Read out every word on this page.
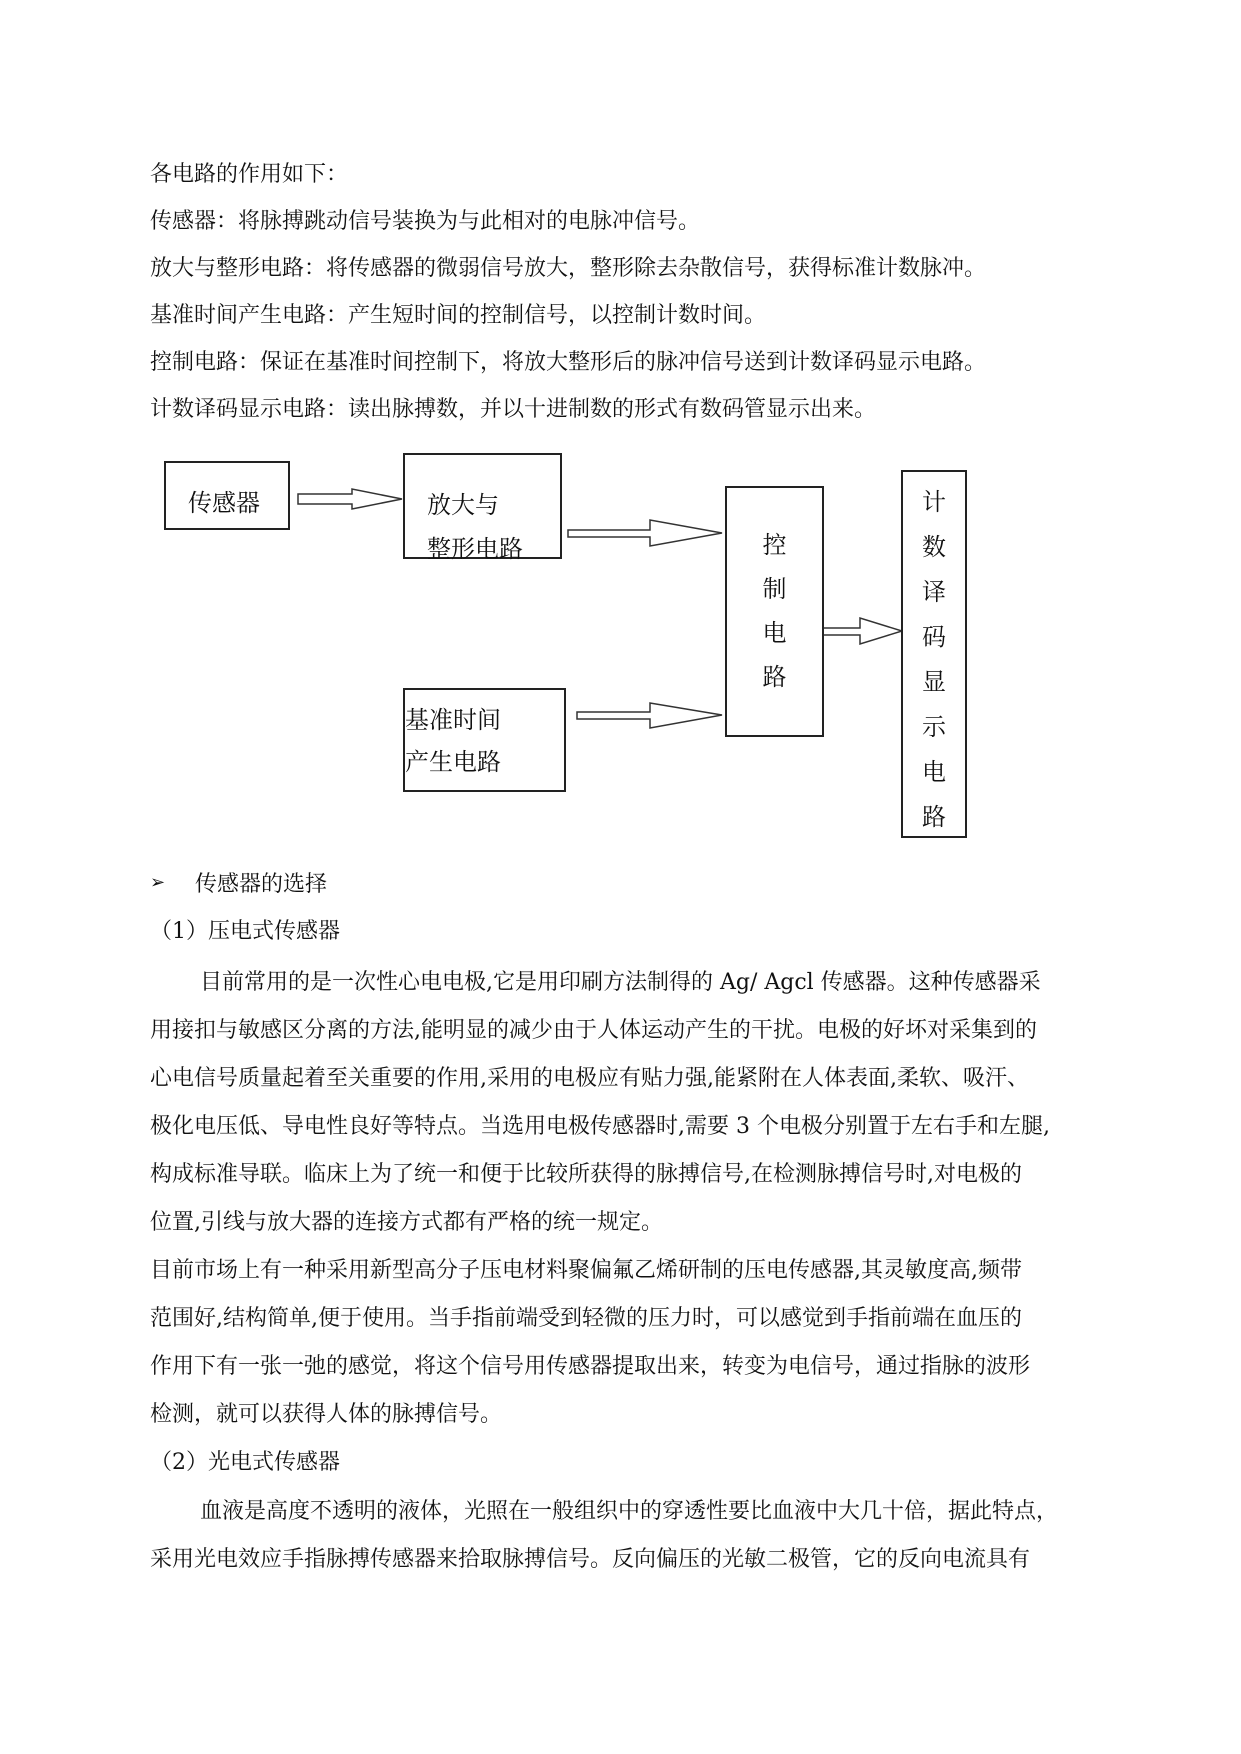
各电路的作用如下：
传感器：将脉搏跳动信号装换为与此相对的电脉冲信号。
放大与整形电路：将传感器的微弱信号放大，整形除去杂散信号，获得标准计数脉冲。
基准时间产生电路：产生短时间的控制信号，以控制计数时间。
控制电路：保证在基准时间控制下，将放大整形后的脉冲信号送到计数译码显示电路。
计数译码显示电路：读出脉搏数，并以十进制数的形式有数码管显示出来。
传感器	放大与
整形电路
基准时间
产生电路
控
制
电
路
计
数
译
码
显
示
电
路
➢ 传感器的选择
（1）压电式传感器
目前常用的是一次性心电电极,它是用印刷方法制得的 Ag/ Agcl 传感器。这种传感器采
用接扣与敏感区分离的方法,能明显的减少由于人体运动产生的干扰。电极的好坏对采集到的
心电信号质量起着至关重要的作用,采用的电极应有贴力强,能紧附在人体表面,柔软、吸汗、
极化电压低、导电性良好等特点。当选用电极传感器时,需要 3 个电极分别置于左右手和左腿,
构成标准导联。临床上为了统一和便于比较所获得的脉搏信号,在检测脉搏信号时,对电极的
位置,引线与放大器的连接方式都有严格的统一规定。
目前市场上有一种采用新型高分子压电材料聚偏氟乙烯研制的压电传感器,其灵敏度高,频带
范围好,结构简单,便于使用。当手指前端受到轻微的压力时，可以感觉到手指前端在血压的
作用下有一张一弛的感觉，将这个信号用传感器提取出来，转变为电信号，通过指脉的波形
检测，就可以获得人体的脉搏信号。
（2）光电式传感器
血液是高度不透明的液体，光照在一般组织中的穿透性要比血液中大几十倍，据此特点，
采用光电效应手指脉搏传感器来拾取脉搏信号。反向偏压的光敏二极管，它的反向电流具有
